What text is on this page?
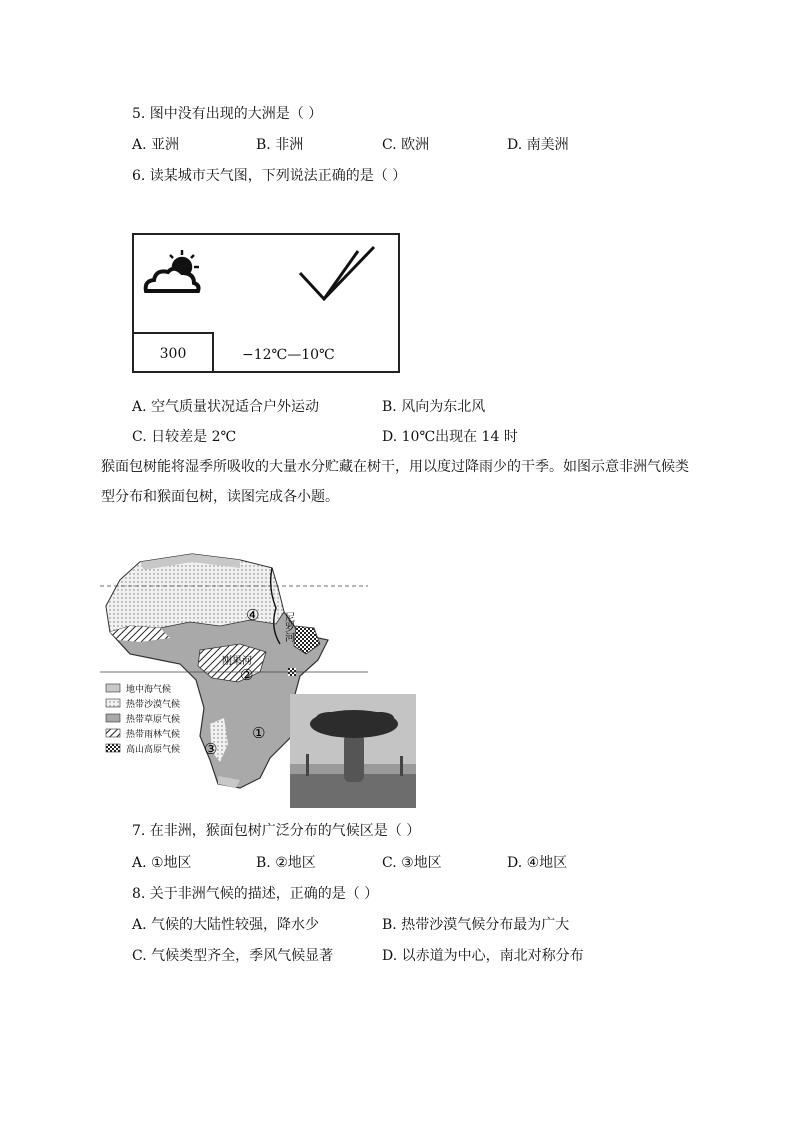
5. 图中没有出现的大洲是（ ）
A. 亚洲	B. 非洲	C. 欧洲	D. 南美洲
6. 读某城市天气图，下列说法正确的是（ ）
300	−12℃—10℃
A. 空气质量状况适合户外运动	B. 风向为东北风
C. 日较差是 2℃	D. 10℃出现在 14 时
猴面包树能将湿季所吸收的大量水分贮藏在树干，用以度过降雨少的干季。如图示意非洲气候类型分布和猴面包树，读图完成各小题。
④
②
①
③
尼罗河
刚果河
地中海气候
热带沙漠气候
热带草原气候
热带雨林气候
高山高原气候
7. 在非洲，猴面包树广泛分布的气候区是（ ）
A. ①地区	B. ②地区	C. ③地区	D. ④地区
8. 关于非洲气候的描述，正确的是（ ）
A. 气候的大陆性较强，降水少	B. 热带沙漠气候分布最为广大
C. 气候类型齐全，季风气候显著	D. 以赤道为中心，南北对称分布
